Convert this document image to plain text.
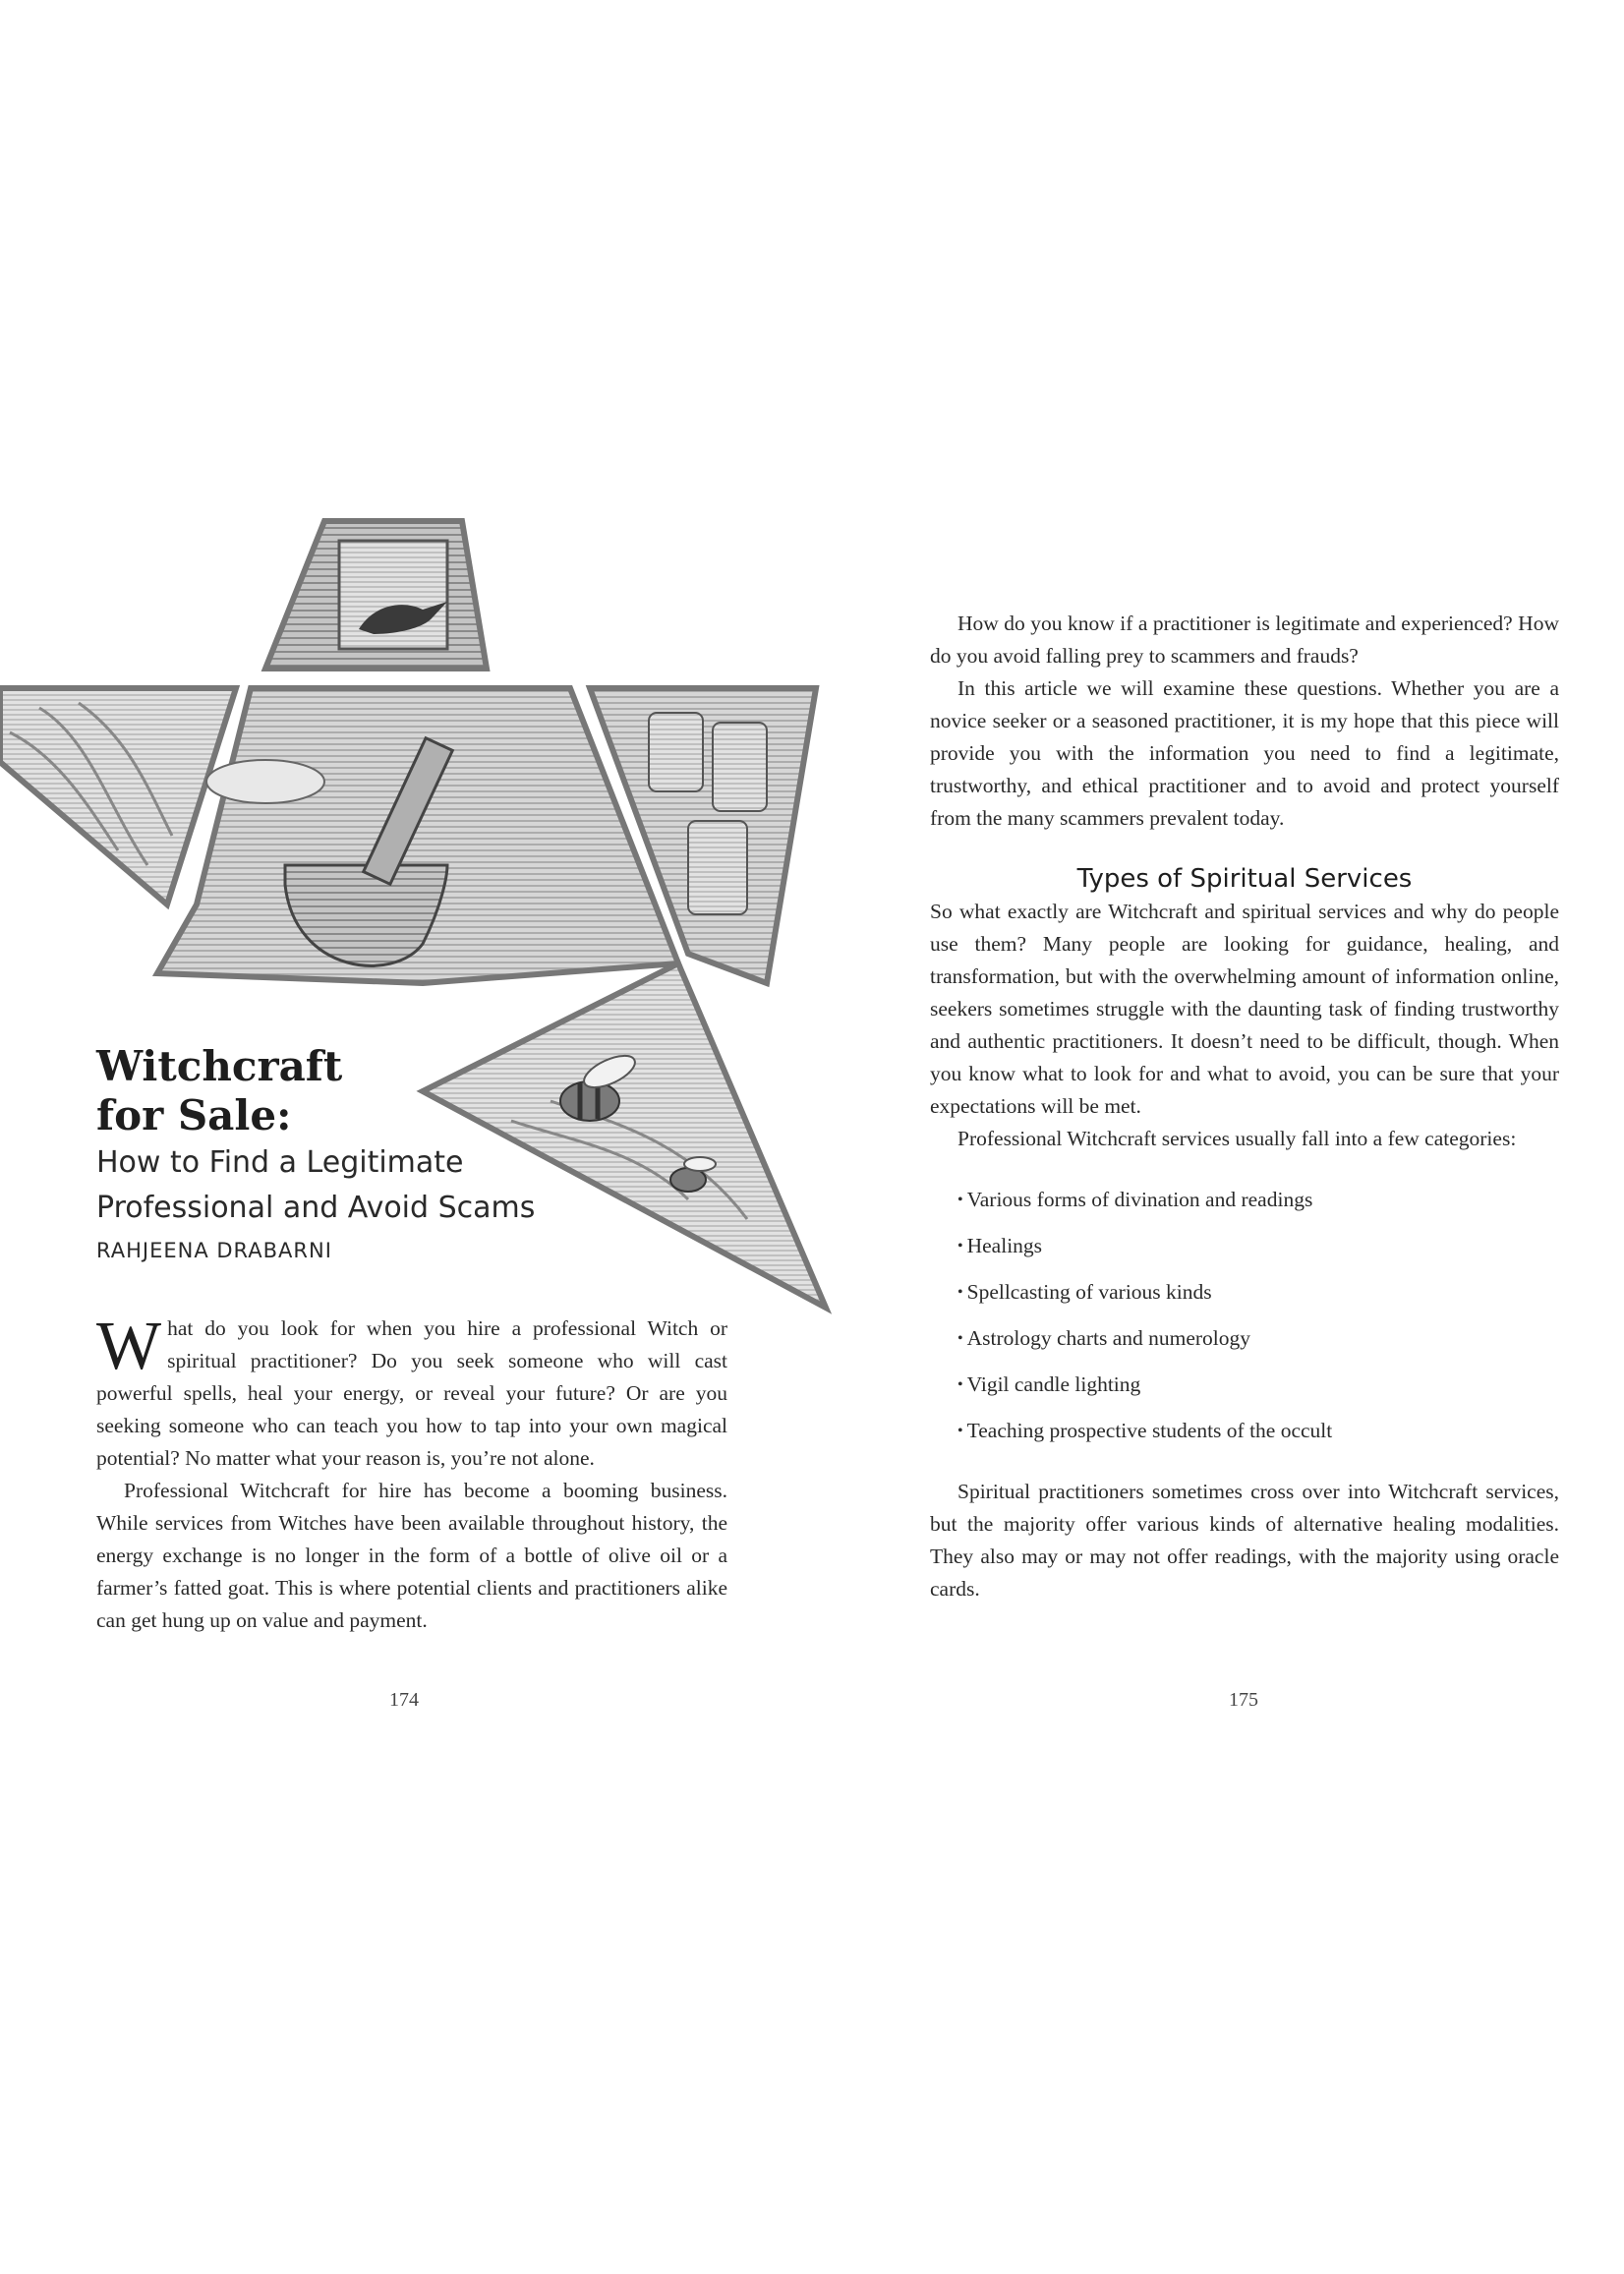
Witchcraft

for Sale:

How to Find a Legitimate

Professional and Avoid Scams

RAHJEENA DRABARNI

What do you look for when you hire a professional Witch or spiritual practitioner? Do you seek someone who will cast powerful spells, heal your energy, or reveal your future? Or are you seeking someone who can teach you how to tap into your own magical potential? No matter what your reason is, you’re not alone.

Professional Witchcraft for hire has become a booming business. While services from Witches have been available throughout history, the energy exchange is no longer in the form of a bottle of olive oil or a farmer’s fatted goat. This is where potential clients and practitioners alike can get hung up on value and payment.

174

How do you know if a practitioner is legitimate and experienced? How do you avoid falling prey to scammers and frauds?

In this article we will examine these questions. Whether you are a novice seeker or a seasoned practitioner, it is my hope that this piece will provide you with the information you need to find a legitimate, trustworthy, and ethical practitioner and to avoid and protect yourself from the many scammers prevalent today.

Types of Spiritual Services

So what exactly are Witchcraft and spiritual services and why do people use them? Many people are looking for guidance, healing, and transformation, but with the overwhelming amount of information online, seekers sometimes struggle with the daunting task of finding trustworthy and authentic practitioners. It doesn’t need to be difficult, though. When you know what to look for and what to avoid, you can be sure that your expectations will be met.

Professional Witchcraft services usually fall into a few categories:

• Various forms of divination and readings
• Healings
• Spellcasting of various kinds
• Astrology charts and numerology
• Vigil candle lighting
• Teaching prospective students of the occult

Spiritual practitioners sometimes cross over into Witchcraft services, but the majority offer various kinds of alternative healing modalities. They also may or may not offer readings, with the majority using oracle cards.

175
